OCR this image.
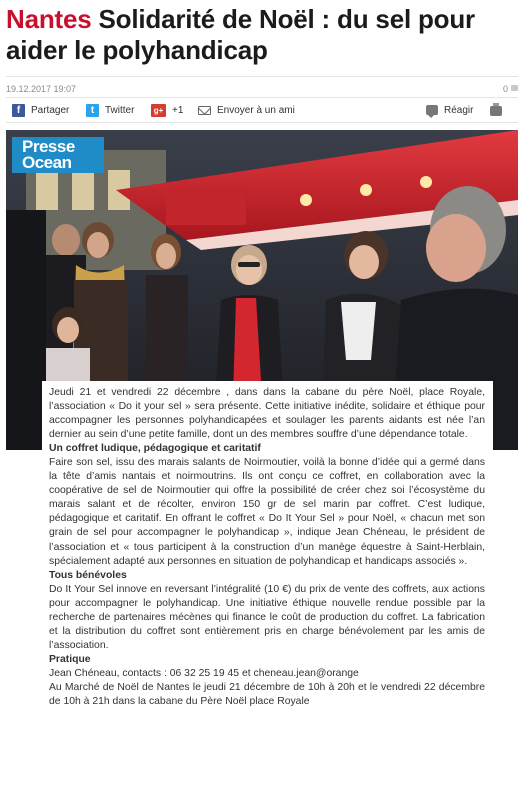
Nantes Solidarité de Noël : du sel pour aider le polyhandicap
19.12.2017 19:07	0
f	Partager	t	Twitter	g+ +1	Envoyer à un ami	Réagir
Presse
Ocean

Jeudi 21 et vendredi 22 décembre , dans dans la cabane du père Noël, place Royale, l’association « Do it your sel » sera présente. Cette initiative inédite, solidaire et éthique pour accompagner les personnes polyhandicapées et soulager les parents aidants est née l’an dernier au sein d’une petite famille, dont un des membres souffre d’une dépendance totale.

Un coffret ludique, pédagogique et caritatif

Faire son sel, issu des marais salants de Noirmoutier, voilà la bonne d’idée qui a germé dans la tête d’amis nantais et noirmoutrins. Ils ont conçu ce coffret, en collaboration avec la coopérative de sel de Noirmoutier qui offre la possibilité de créer chez soi l’écosystème du marais salant et de récolter, environ 150 gr de sel marin par coffret. C’est ludique, pédagogique et caritatif. En offrant le coffret « Do It Your Sel » pour Noël, « chacun met son grain de sel pour accompagner le polyhandicap », indique Jean Chéneau, le président de l’association et « tous participent à la construction d’un manège équestre à Saint-Herblain, spécialement adapté aux personnes en situation de polyhandicap et handicaps associés ».

Tous bénévoles

Do It Your Sel innove en reversant l’intégralité (10 €) du prix de vente des coffrets, aux actions pour accompagner le polyhandicap. Une initiative éthique nouvelle rendue possible par la recherche de partenaires mécènes qui finance le coût de production du coffret. La fabrication et la distribution du coffret sont entièrement pris en charge bénévolement par les amis de l’association.

Pratique

Jean Chéneau, contacts : 06 32 25 19 45 et cheneau.jean@orange

Au Marché de Noël de Nantes le jeudi 21 décembre de 10h à 20h et le vendredi 22 décembre de 10h à 21h dans la cabane du Père Noël place Royale
